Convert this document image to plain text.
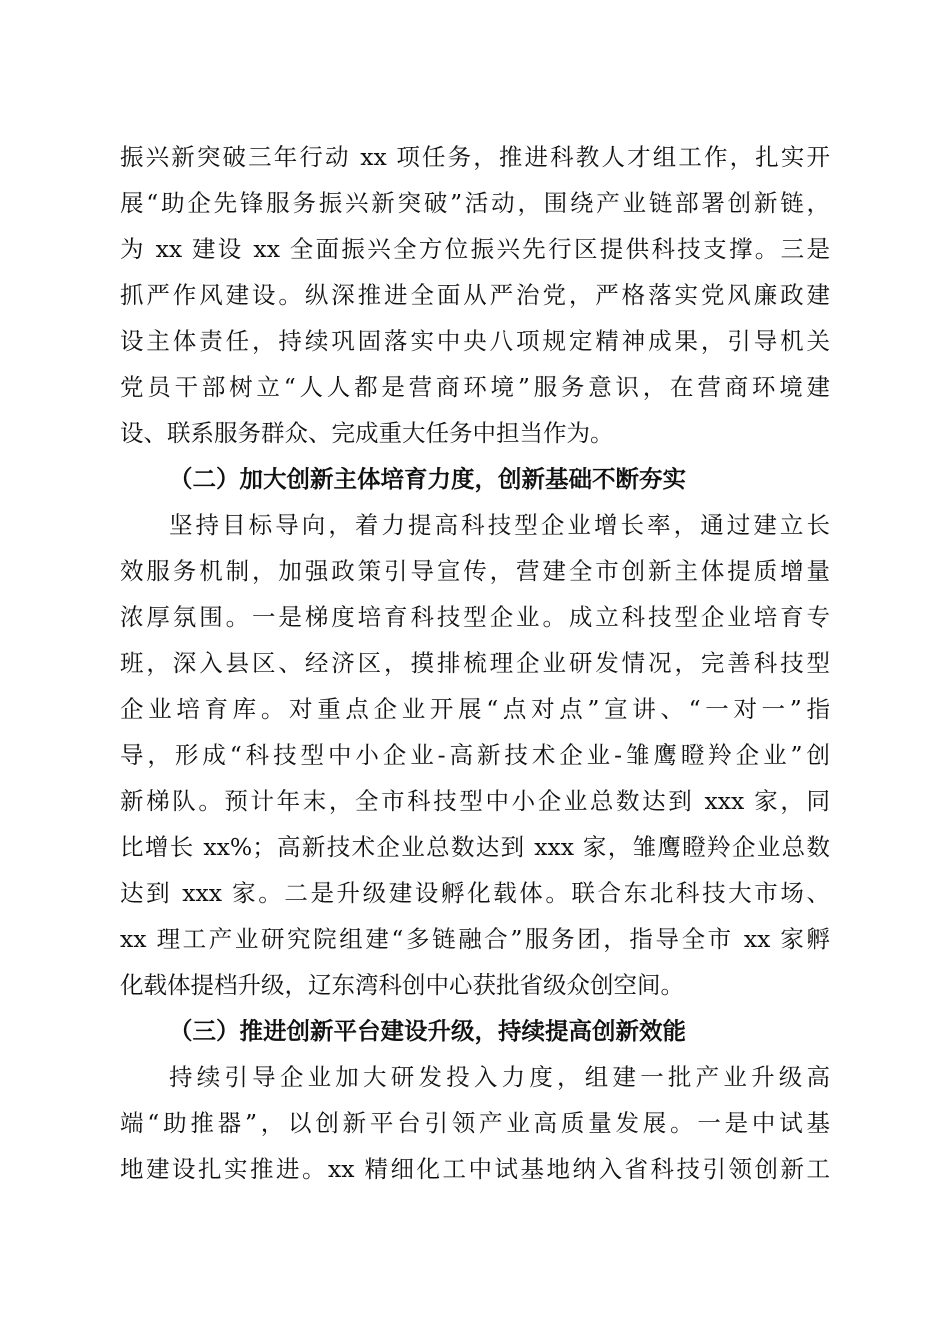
振兴新突破三年行动 xx 项任务，推进科教人才组工作，扎实开
展“助企先锋服务振兴新突破”活动，围绕产业链部署创新链，
为 xx 建设 xx 全面振兴全方位振兴先行区提供科技支撑。三是
抓严作风建设。纵深推进全面从严治党，严格落实党风廉政建
设主体责任，持续巩固落实中央八项规定精神成果，引导机关
党员干部树立“人人都是营商环境”服务意识，在营商环境建
设、联系服务群众、完成重大任务中担当作为。
（二）加大创新主体培育力度，创新基础不断夯实
坚持目标导向，着力提高科技型企业增长率，通过建立长
效服务机制，加强政策引导宣传，营建全市创新主体提质增量
浓厚氛围。一是梯度培育科技型企业。成立科技型企业培育专
班，深入县区、经济区，摸排梳理企业研发情况，完善科技型
企业培育库。对重点企业开展“点对点”宣讲、“一对一”指
导，形成“科技型中小企业-高新技术企业-雏鹰瞪羚企业”创
新梯队。预计年末，全市科技型中小企业总数达到 xxx 家，同
比增长 xx%；高新技术企业总数达到 xxx 家，雏鹰瞪羚企业总数
达到 xxx 家。二是升级建设孵化载体。联合东北科技大市场、
xx 理工产业研究院组建“多链融合”服务团，指导全市 xx 家孵
化载体提档升级，辽东湾科创中心获批省级众创空间。
（三）推进创新平台建设升级，持续提高创新效能
持续引导企业加大研发投入力度，组建一批产业升级高
端“助推器”，以创新平台引领产业高质量发展。一是中试基
地建设扎实推进。xx 精细化工中试基地纳入省科技引领创新工
